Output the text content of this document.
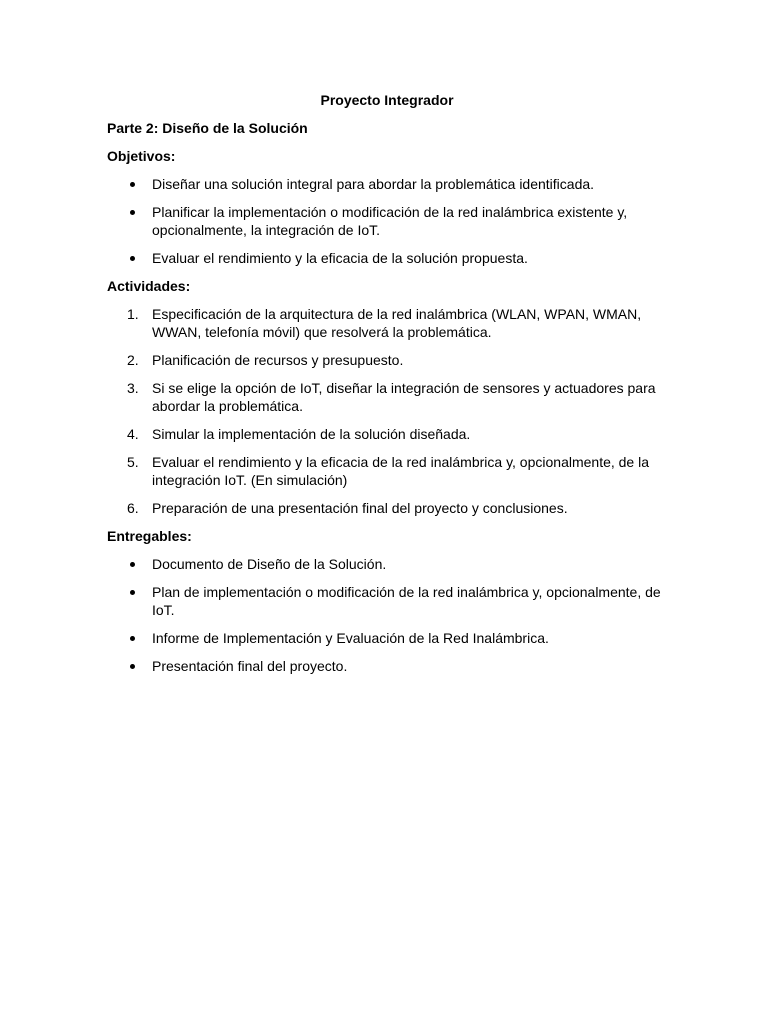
Proyecto Integrador
Parte 2: Diseño de la Solución
Objetivos:
Diseñar una solución integral para abordar la problemática identificada.
Planificar la implementación o modificación de la red inalámbrica existente y, opcionalmente, la integración de IoT.
Evaluar el rendimiento y la eficacia de la solución propuesta.
Actividades:
1. Especificación de la arquitectura de la red inalámbrica (WLAN, WPAN, WMAN, WWAN, telefonía móvil) que resolverá la problemática.
2. Planificación de recursos y presupuesto.
3. Si se elige la opción de IoT, diseñar la integración de sensores y actuadores para abordar la problemática.
4. Simular la implementación de la solución diseñada.
5. Evaluar el rendimiento y la eficacia de la red inalámbrica y, opcionalmente, de la integración IoT. (En simulación)
6. Preparación de una presentación final del proyecto y conclusiones.
Entregables:
Documento de Diseño de la Solución.
Plan de implementación o modificación de la red inalámbrica y, opcionalmente, de IoT.
Informe de Implementación y Evaluación de la Red Inalámbrica.
Presentación final del proyecto.
